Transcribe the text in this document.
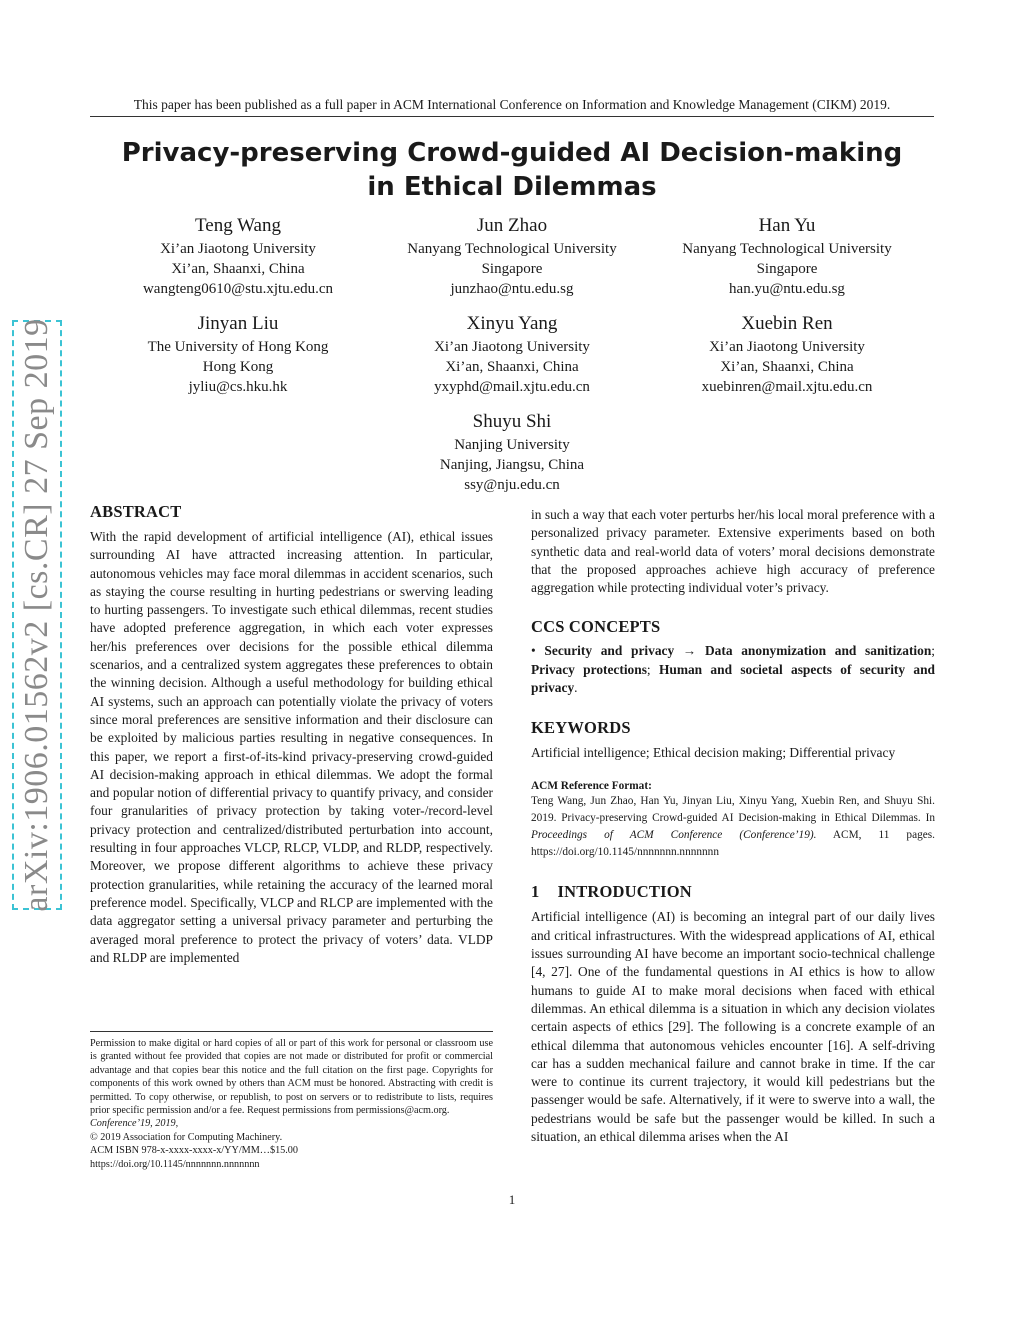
This paper has been published as a full paper in ACM International Conference on Information and Knowledge Management (CIKM) 2019.
Privacy-preserving Crowd-guided AI Decision-making
in Ethical Dilemmas
Teng Wang
Xi’an Jiaotong University
Xi’an, Shaanxi, China
wangteng0610@stu.xjtu.edu.cn
Jun Zhao
Nanyang Technological University
Singapore
junzhao@ntu.edu.sg
Han Yu
Nanyang Technological University
Singapore
han.yu@ntu.edu.sg
Jinyan Liu
The University of Hong Kong
Hong Kong
jyliu@cs.hku.hk
Xinyu Yang
Xi’an Jiaotong University
Xi’an, Shaanxi, China
yxyphd@mail.xjtu.edu.cn
Xuebin Ren
Xi’an Jiaotong University
Xi’an, Shaanxi, China
xuebinren@mail.xjtu.edu.cn
Shuyu Shi
Nanjing University
Nanjing, Jiangsu, China
ssy@nju.edu.cn
arXiv:1906.01562v2 [cs.CR] 27 Sep 2019	ABSTRACT

With the rapid development of artificial intelligence (AI), ethical issues surrounding AI have attracted increasing attention. In particular, autonomous vehicles may face moral dilemmas in accident scenarios, such as staying the course resulting in hurting pedestrians or swerving leading to hurting passengers. To investigate such ethical dilemmas, recent studies have adopted preference aggregation, in which each voter expresses her/his preferences over decisions for the possible ethical dilemma scenarios, and a centralized system aggregates these preferences to obtain the winning decision. Although a useful methodology for building ethical AI systems, such an approach can potentially violate the privacy of voters since moral preferences are sensitive information and their disclosure can be exploited by malicious parties resulting in negative consequences. In this paper, we report a first-of-its-kind privacy-preserving crowd-guided AI decision-making approach in ethical dilemmas. We adopt the formal and popular notion of differential privacy to quantify privacy, and consider four granularities of privacy protection by taking voter-/record-level privacy protection and centralized/distributed perturbation into account, resulting in four approaches VLCP, RLCP, VLDP, and RLDP, respectively. Moreover, we propose different algorithms to achieve these privacy protection granularities, while retaining the accuracy of the learned moral preference model. Specifically, VLCP and RLCP are implemented with the data aggregator setting a universal privacy parameter and perturbing the averaged moral preference to protect the privacy of voters’ data. VLDP and RLDP are implemented

Permission to make digital or hard copies of all or part of this work for personal or classroom use is granted without fee provided that copies are not made or distributed for profit or commercial advantage and that copies bear this notice and the full citation on the first page. Copyrights for components of this work owned by others than ACM must be honored. Abstracting with credit is permitted. To copy otherwise, or republish, to post on servers or to redistribute to lists, requires prior specific permission and/or a fee. Request permissions from permissions@acm.org.

Conference’19, 2019,

© 2019 Association for Computing Machinery.

ACM ISBN 978-x-xxxx-xxxx-x/YY/MM…$15.00

https://doi.org/10.1145/nnnnnnn.nnnnnnn

in such a way that each voter perturbs her/his local moral preference with a personalized privacy parameter. Extensive experiments based on both synthetic data and real-world data of voters’ moral decisions demonstrate that the proposed approaches achieve high accuracy of preference aggregation while protecting individual voter’s privacy.

CCS CONCEPTS

• Security and privacy → Data anonymization and sanitization; Privacy protections; Human and societal aspects of security and privacy.

KEYWORDS

Artificial intelligence; Ethical decision making; Differential privacy

ACM Reference Format:

Teng Wang, Jun Zhao, Han Yu, Jinyan Liu, Xinyu Yang, Xuebin Ren, and Shuyu Shi. 2019. Privacy-preserving Crowd-guided AI Decision-making in Ethical Dilemmas. In Proceedings of ACM Conference (Conference’19). ACM, 11 pages. https://doi.org/10.1145/nnnnnnn.nnnnnnn

1 INTRODUCTION

Artificial intelligence (AI) is becoming an integral part of our daily lives and critical infrastructures. With the widespread applications of AI, ethical issues surrounding AI have become an important socio-technical challenge [4, 27]. One of the fundamental questions in AI ethics is how to allow humans to guide AI to make moral decisions when faced with ethical dilemmas. An ethical dilemma is a situation in which any decision violates certain aspects of ethics [29]. The following is a concrete example of an ethical dilemma that autonomous vehicles encounter [16]. A self-driving car has a sudden mechanical failure and cannot brake in time. If the car were to continue its current trajectory, it would kill pedestrians but the passenger would be safe. Alternatively, if it were to swerve into a wall, the pedestrians would be safe but the passenger would be killed. In such a situation, an ethical dilemma arises when the AI

1
